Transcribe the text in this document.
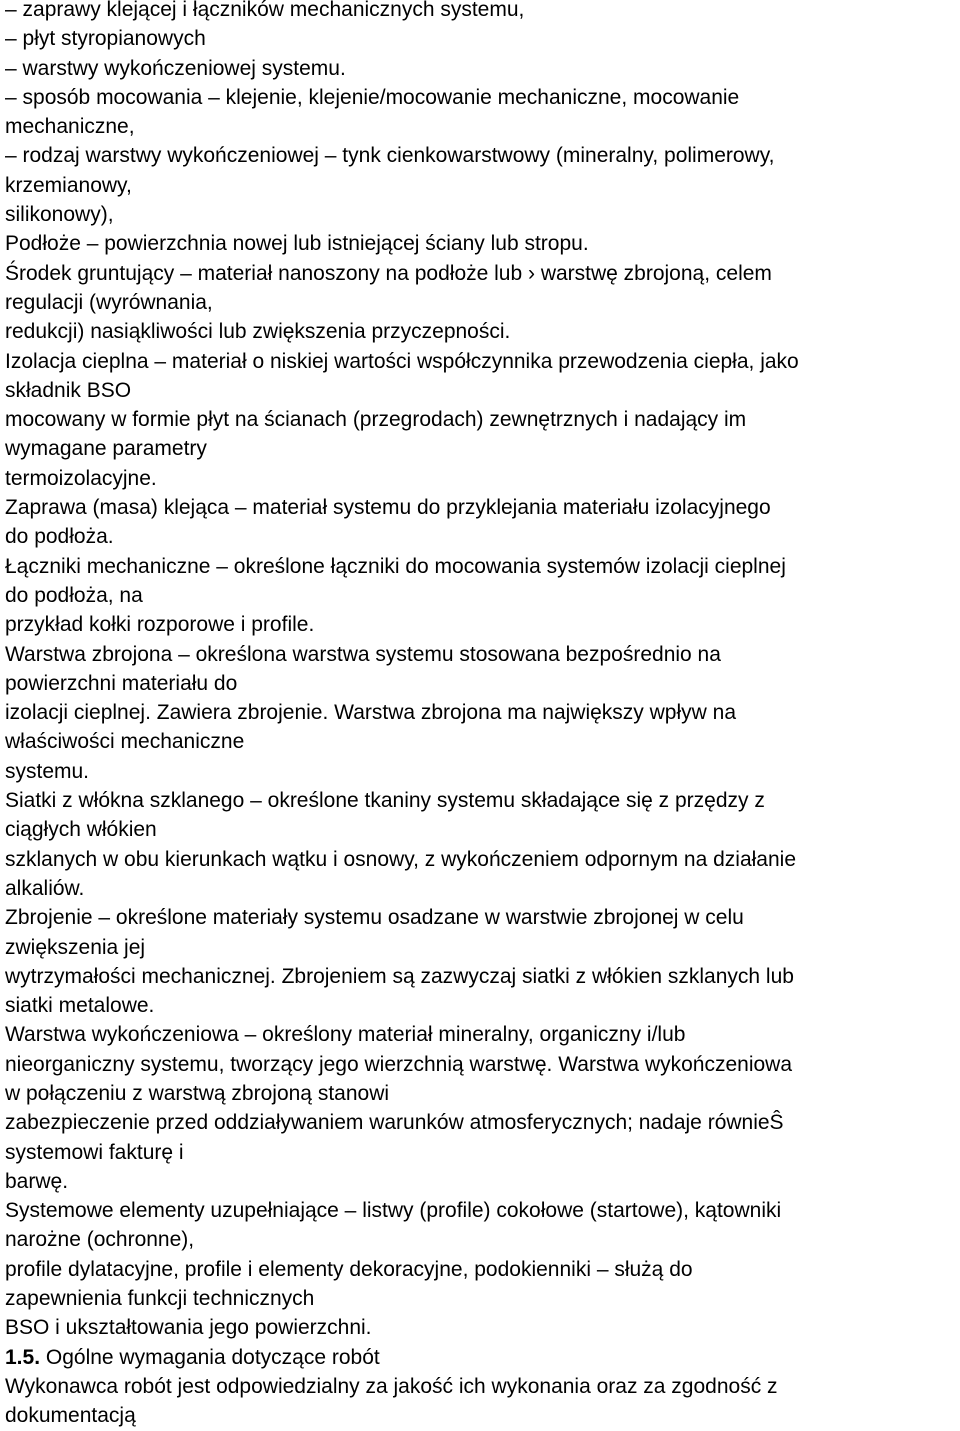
– zaprawy klejącej i łączników mechanicznych systemu,
– płyt styropianowych
– warstwy wykończeniowej systemu.
– sposób mocowania – klejenie, klejenie/mocowanie mechaniczne, mocowanie
mechaniczne,
– rodzaj warstwy wykończeniowej – tynk cienkowarstwowy (mineralny, polimerowy,
krzemianowy,
silikonowy),
Podłoże – powierzchnia nowej lub istniejącej ściany lub stropu.
Środek gruntujący – materiał nanoszony na podłoże lub › warstwę zbrojoną, celem
regulacji (wyrównania,
redukcji) nasiąkliwości lub zwiększenia przyczepności.
Izolacja cieplna – materiał o niskiej wartości współczynnika przewodzenia ciepła, jako
składnik BSO
mocowany w formie płyt na ścianach (przegrodach) zewnętrznych i nadający im
wymagane parametry
termoizolacyjne.
Zaprawa (masa) klejąca – materiał systemu do przyklejania materiału izolacyjnego
do podłoża.
Łączniki mechaniczne – określone łączniki do mocowania systemów izolacji cieplnej
do podłoża, na
przykład kołki rozporowe i profile.
Warstwa zbrojona – określona warstwa systemu stosowana bezpośrednio na
powierzchni materiału do
izolacji cieplnej. Zawiera zbrojenie. Warstwa zbrojona ma największy wpływ na
właściwości mechaniczne
systemu.
Siatki z włókna szklanego – określone tkaniny systemu składające się z przędzy z
ciągłych włókien
szklanych w obu kierunkach wątku i osnowy, z wykończeniem odpornym na działanie
alkaliów.
Zbrojenie – określone materiały systemu osadzane w warstwie zbrojonej w celu
zwiększenia jej
wytrzymałości mechanicznej. Zbrojeniem są zazwyczaj siatki z włókien szklanych lub
siatki metalowe.
Warstwa wykończeniowa – określony materiał mineralny, organiczny i/lub
nieorganiczny systemu, tworzący jego wierzchnią warstwę. Warstwa wykończeniowa
w połączeniu z warstwą zbrojoną stanowi
zabezpieczenie przed oddziaływaniem warunków atmosferycznych; nadaje równieŜ
systemowi fakturę i
barwę.
Systemowe elementy uzupełniające – listwy (profile) cokołowe (startowe), kątowniki
narożne (ochronne),
profile dylatacyjne, profile i elementy dekoracyjne, podokienniki – służą do
zapewnienia funkcji technicznych
BSO i ukształtowania jego powierzchni.
1.5. Ogólne wymagania dotyczące robót
Wykonawca robót jest odpowiedzialny za jakość ich wykonania oraz za zgodność z
dokumentacją
